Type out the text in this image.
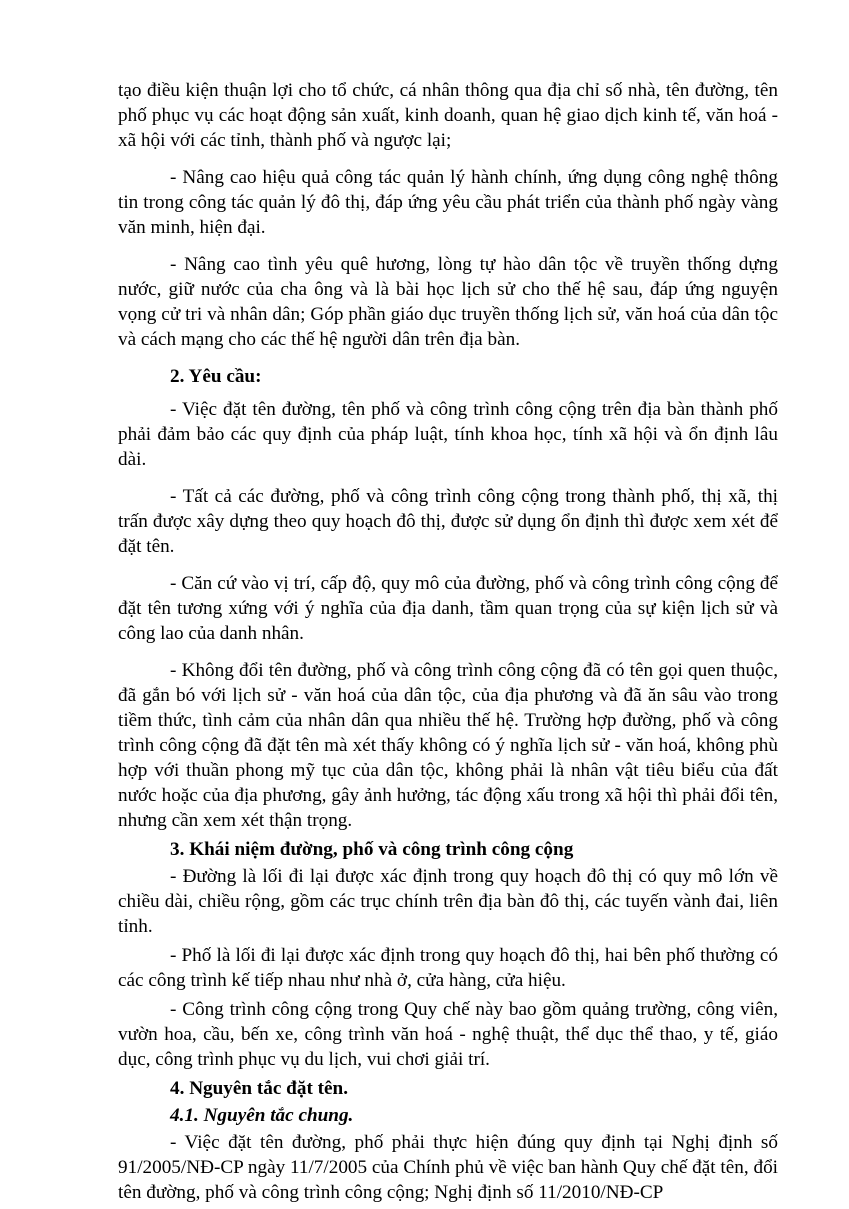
tạo điều kiện thuận lợi cho tổ chức, cá nhân thông qua địa chỉ số nhà, tên đường, tên phố phục vụ các hoạt động sản xuất, kinh doanh, quan hệ giao dịch kinh tế, văn hoá - xã hội với các tỉnh, thành phố và ngược lại;

- Nâng cao hiệu quả công tác quản lý hành chính, ứng dụng công nghệ thông tin trong công tác quản lý đô thị, đáp ứng yêu cầu phát triển của thành phố ngày vàng văn minh, hiện đại.

- Nâng cao tình yêu quê hương, lòng tự hào dân tộc về truyền thống dựng nước, giữ nước của cha ông và là bài học lịch sử cho thế hệ sau, đáp ứng nguyện vọng cử tri và nhân dân; Góp phần giáo dục truyền thống lịch sử, văn hoá của dân tộc và cách mạng cho các thế hệ người dân trên địa bàn.

2. Yêu cầu:

- Việc đặt tên đường, tên phố và công trình công cộng trên địa bàn thành phố phải đảm bảo các quy định của pháp luật, tính khoa học, tính xã hội và ổn định lâu dài.

- Tất cả các đường, phố và công trình công cộng trong thành phố, thị xã, thị trấn được xây dựng theo quy hoạch đô thị, được sử dụng ổn định thì được xem xét để đặt tên.

- Căn cứ vào vị trí, cấp độ, quy mô của đường, phố và công trình công cộng để đặt tên tương xứng với ý nghĩa của địa danh, tầm quan trọng của sự kiện lịch sử và công lao của danh nhân.

- Không đổi tên đường, phố và công trình công cộng đã có tên gọi quen thuộc, đã gắn bó với lịch sử - văn hoá của dân tộc, của địa phương và đã ăn sâu vào trong tiềm thức, tình cảm của nhân dân qua nhiều thế hệ. Trường hợp đường, phố và công trình công cộng đã đặt tên mà xét thấy không có ý nghĩa lịch sử - văn hoá, không phù hợp với thuần phong mỹ tục của dân tộc, không phải là nhân vật tiêu biểu của đất nước hoặc của địa phương, gây ảnh hưởng, tác động xấu trong xã hội thì phải đổi tên, nhưng cần xem xét thận trọng.

3. Khái niệm đường, phố và công trình công cộng

- Đường là lối đi lại được xác định trong quy hoạch đô thị có quy mô lớn về chiều dài, chiều rộng, gồm các trục chính trên địa bàn đô thị, các tuyến vành đai, liên tỉnh.

- Phố là lối đi lại được xác định trong quy hoạch đô thị, hai bên phố thường có các công trình kế tiếp nhau như nhà ở, cửa hàng, cửa hiệu.

- Công trình công cộng trong Quy chế này bao gồm quảng trường, công viên, vườn hoa, cầu, bến xe, công trình văn hoá - nghệ thuật, thể dục thể thao, y tế, giáo dục, công trình phục vụ du lịch, vui chơi giải trí.

4. Nguyên tắc đặt tên.

4.1. Nguyên tắc chung.

- Việc đặt tên đường, phố phải thực hiện đúng quy định tại Nghị định số 91/2005/NĐ-CP ngày 11/7/2005 của Chính phủ về việc ban hành Quy chế đặt tên, đổi tên đường, phố và công trình công cộng; Nghị định số 11/2010/NĐ-CP
